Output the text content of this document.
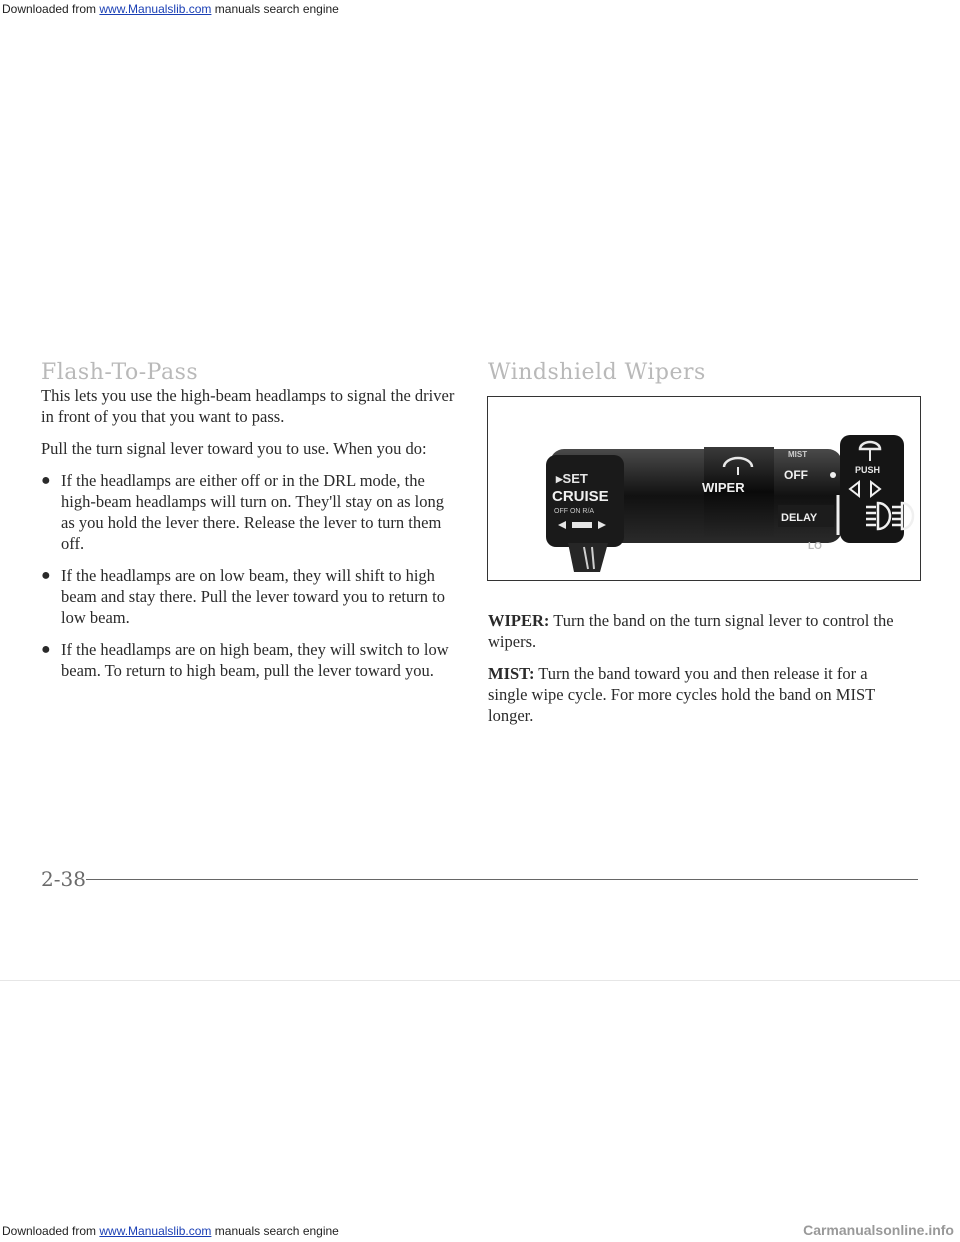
Downloaded from www.Manualslib.com manuals search engine
Flash-To-Pass

This lets you use the high-beam headlamps to signal the driver in front of you that you want to pass.

Pull the turn signal lever toward you to use. When you do:

● If the headlamps are either off or in the DRL mode, the high-beam headlamps will turn on. They'll stay on as long as you hold the lever there. Release the lever to turn them off.
● If the headlamps are on low beam, they will shift to high beam and stay there. Pull the lever toward you to return to low beam.
● If the headlamps are on high beam, they will switch to low beam. To return to high beam, pull the lever toward you.
Windshield Wipers
PUSH
▸SET
CRUISE
OFF ON R/A
WIPER
MIST
OFF
DELAY
LO

WIPER: Turn the band on the turn signal lever to control the wipers.

MIST: Turn the band toward you and then release it for a single wipe cycle. For more cycles hold the band on MIST longer.

2-38
Downloaded from www.Manualslib.com manuals search engine	Carmanualsonline.info
